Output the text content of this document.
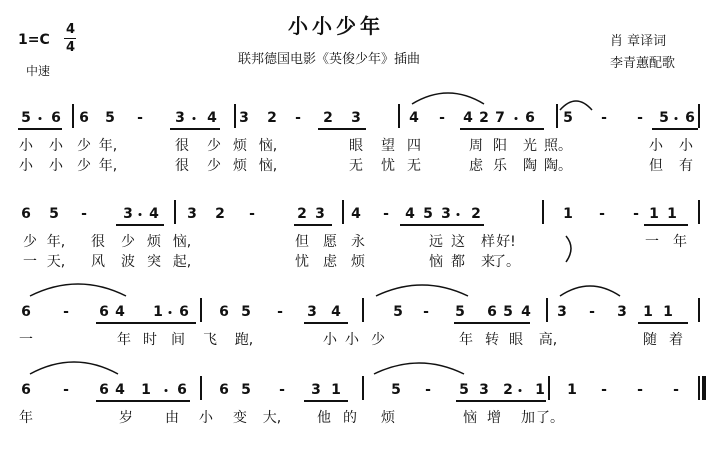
小小少年
1=C
4
4
中速
联邦德国电影《英俊少年》插曲
肖 章译词
李青蕙配歌
5 6 6 5 - 3 4 3 2 - 2 3	4 - 4 2 7 6 5 - - 5 6
小 小 少 年,	很 少 烦 恼,	眼 望 四	周 阳 光 照。	小 小
小 小 少 年,	很 少 烦 恼,	无 忧 无	虑 乐 陶 陶。	但 有
6 5 -	3 4 3 2 -	2 3 4 - 4 5 3 2	1 - - 1 1
少 年, 很 少 烦 恼,	但 愿 永	远 这 样 好!	一 年
一 天, 风 波 突 起,	忧 虑 烦	恼 都 来
了。
6 - 6 4 1 6 6 5 - 3 4	5 - 5 6 5 4 3 - 3 1 1
一	年 时 间 飞 跑,	小 小 少	年 转 眼 高,	随 着
6 - 6 4 1 6 6 5 - 3 1	5 - 5 3 2 1 1 - - -
年	岁 由 小 变 大,	他 的 烦	恼 增 加 了。
